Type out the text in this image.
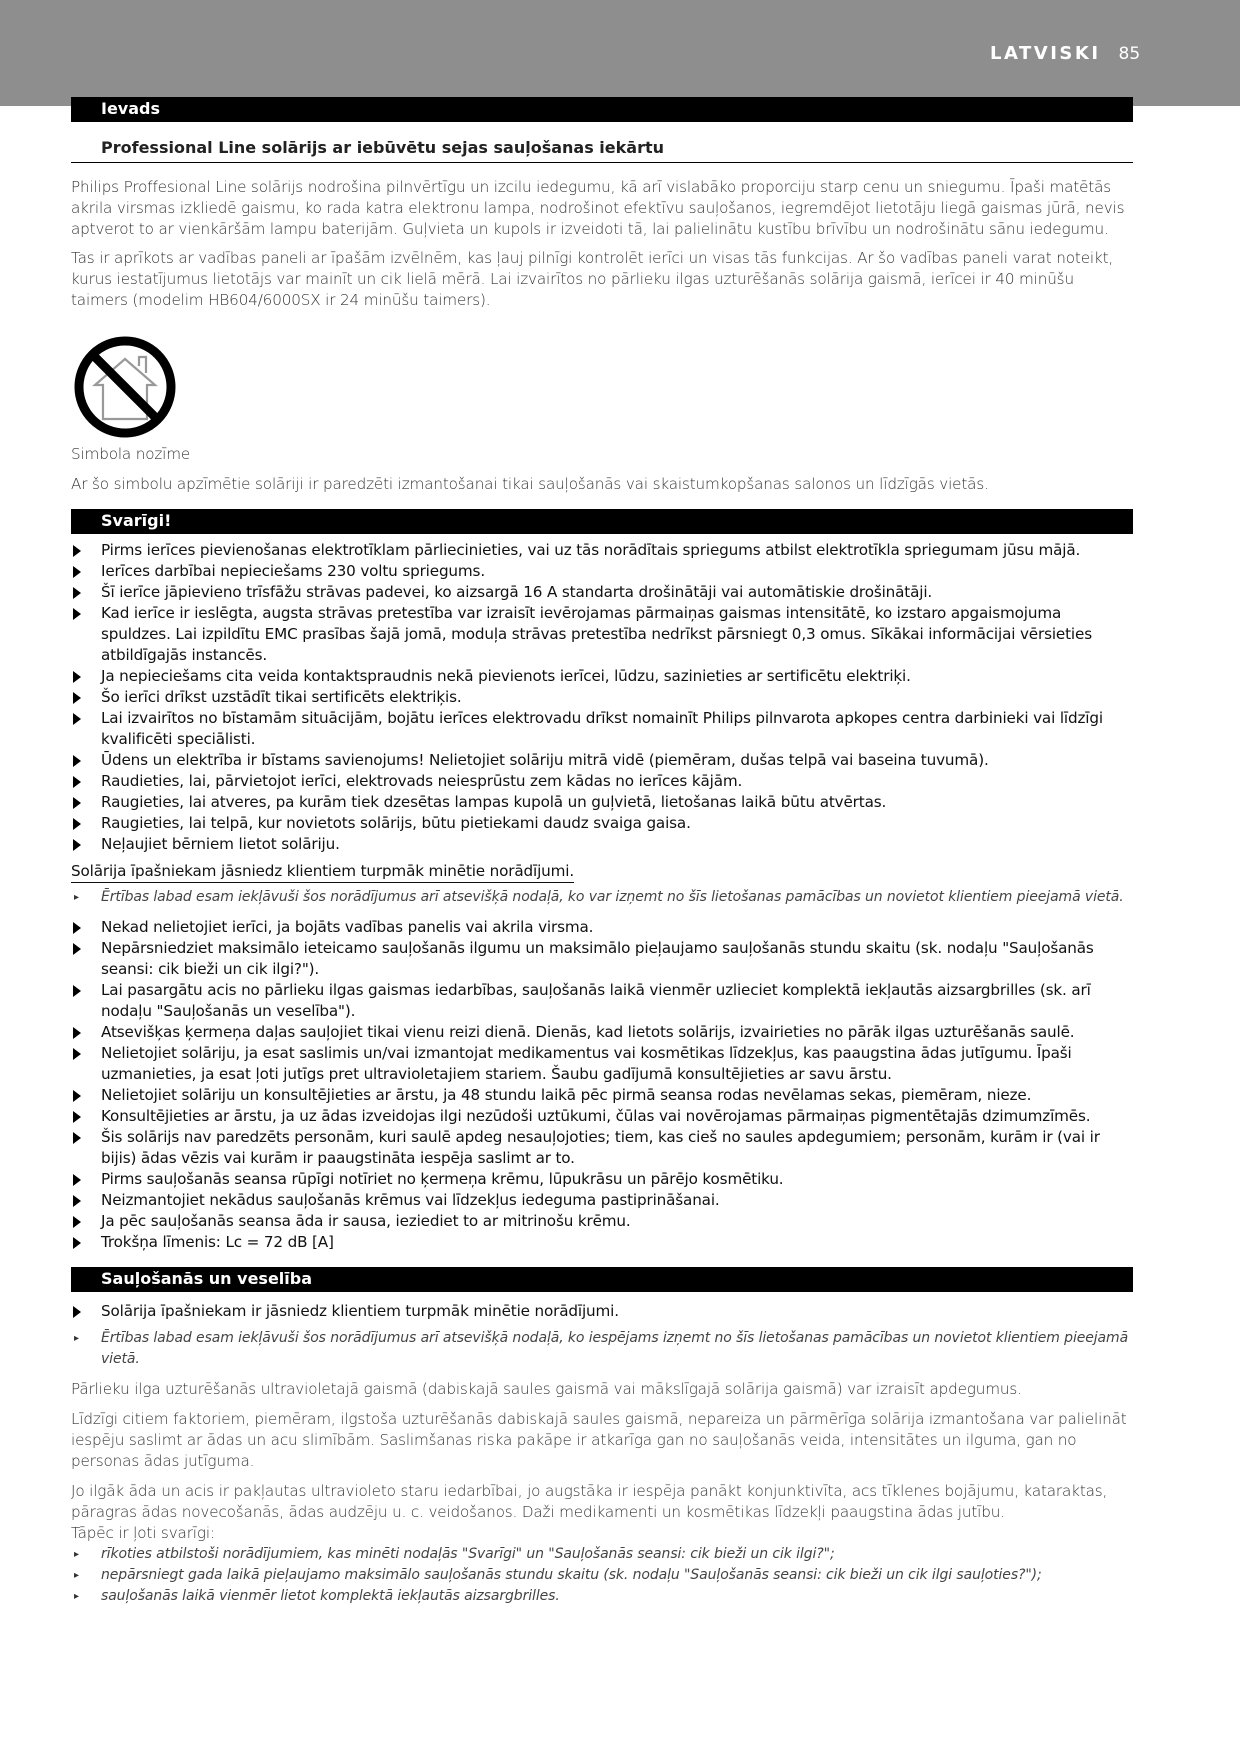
LATVISKI 85
Ievads
Professional Line solārijs ar iebūvētu sejas sauļošanas iekārtu

Philips Proffesional Line solārijs nodrošina pilnvērtīgu un izcilu iedegumu, kā arī vislabāko proporciju starp cenu un sniegumu. Īpaši matētās akrila virsmas izkliedē gaismu, ko rada katra elektronu lampa, nodrošinot efektīvu sauļošanos, iegremdējot lietotāju liegā gaismas jūrā, nevis aptverot to ar vienkāršām lampu baterijām. Guļvieta un kupols ir izveidoti tā, lai palielinātu kustību brīvību un nodrošinātu sānu iedegumu.

Tas ir aprīkots ar vadības paneli ar īpašām izvēlnēm, kas ļauj pilnīgi kontrolēt ierīci un visas tās funkcijas. Ar šo vadības paneli varat noteikt, kurus iestatījumus lietotājs var mainīt un cik lielā mērā. Lai izvairītos no pārlieku ilgas uzturēšanās solārija gaismā, ierīcei ir 40 minūšu taimers (modelim HB604/6000SX ir 24 minūšu taimers).

Simbola nozīme

Ar šo simbolu apzīmētie solāriji ir paredzēti izmantošanai tikai sauļošanās vai skaistumkopšanas salonos un līdzīgās vietās.

Svarīgi!
Pirms ierīces pievienošanas elektrotīklam pārliecinieties, vai uz tās norādītais spriegums atbilst elektrotīkla spriegumam jūsu mājā.
Ierīces darbībai nepieciešams 230 voltu spriegums.
Šī ierīce jāpievieno trīsfāžu strāvas padevei, ko aizsargā 16 A standarta drošinātāji vai automātiskie drošinātāji.
Kad ierīce ir ieslēgta, augsta strāvas pretestība var izraisīt ievērojamas pārmaiņas gaismas intensitātē, ko izstaro apgaismojuma spuldzes. Lai izpildītu EMC prasības šajā jomā, moduļa strāvas pretestība nedrīkst pārsniegt 0,3 omus. Sīkākai informācijai vērsieties atbildīgajās instancēs.
Ja nepieciešams cita veida kontaktspraudnis nekā pievienots ierīcei, lūdzu, sazinieties ar sertificētu elektriķi.
Šo ierīci drīkst uzstādīt tikai sertificēts elektriķis.
Lai izvairītos no bīstamām situācijām, bojātu ierīces elektrovadu drīkst nomainīt Philips pilnvarota apkopes centra darbinieki vai līdzīgi kvalificēti speciālisti.
Ūdens un elektrība ir bīstams savienojums! Nelietojiet solāriju mitrā vidē (piemēram, dušas telpā vai baseina tuvumā).
Raudieties, lai, pārvietojot ierīci, elektrovads neiesprūstu zem kādas no ierīces kājām.
Raugieties, lai atveres, pa kurām tiek dzesētas lampas kupolā un guļvietā, lietošanas laikā būtu atvērtas.
Raugieties, lai telpā, kur novietots solārijs, būtu pietiekami daudz svaiga gaisa.
Neļaujiet bērniem lietot solāriju.
Solārija īpašniekam jāsniedz klientiem turpmāk minētie norādījumi.
▸ Ērtības labad esam iekļāvuši šos norādījumus arī atsevišķā nodaļā, ko var izņemt no šīs lietošanas pamācības un novietot klientiem pieejamā vietā.
Nekad nelietojiet ierīci, ja bojāts vadības panelis vai akrila virsma.
Nepārsniedziet maksimālo ieteicamo sauļošanās ilgumu un maksimālo pieļaujamo sauļošanās stundu skaitu (sk. nodaļu "Sauļošanās seansi: cik bieži un cik ilgi?").
Lai pasargātu acis no pārlieku ilgas gaismas iedarbības, sauļošanās laikā vienmēr uzlieciet komplektā iekļautās aizsargbrilles (sk. arī nodaļu "Sauļošanās un veselība").
Atsevišķas ķermeņa daļas sauļojiet tikai vienu reizi dienā. Dienās, kad lietots solārijs, izvairieties no pārāk ilgas uzturēšanās saulē.
Nelietojiet solāriju, ja esat saslimis un/vai izmantojat medikamentus vai kosmētikas līdzekļus, kas paaugstina ādas jutīgumu. Īpaši uzmanieties, ja esat ļoti jutīgs pret ultravioletajiem stariem. Šaubu gadījumā konsultējieties ar savu ārstu.
Nelietojiet solāriju un konsultējieties ar ārstu, ja 48 stundu laikā pēc pirmā seansa rodas nevēlamas sekas, piemēram, nieze.
Konsultējieties ar ārstu, ja uz ādas izveidojas ilgi nezūdoši uztūkumi, čūlas vai novērojamas pārmaiņas pigmentētajās dzimumzīmēs.
Šis solārijs nav paredzēts personām, kuri saulē apdeg nesauļojoties; tiem, kas cieš no saules apdegumiem; personām, kurām ir (vai ir bijis) ādas vēzis vai kurām ir paaugstināta iespēja saslimt ar to.
Pirms sauļošanās seansa rūpīgi notīriet no ķermeņa krēmu, lūpukrāsu un pārējo kosmētiku.
Neizmantojiet nekādus sauļošanās krēmus vai līdzekļus iedeguma pastiprināšanai.
Ja pēc sauļošanās seansa āda ir sausa, ieziediet to ar mitrinošu krēmu.
Trokšņa līmenis: Lc = 72 dB [A]
Sauļošanās un veselība
Solārija īpašniekam ir jāsniedz klientiem turpmāk minētie norādījumi.
▸ Ērtības labad esam iekļāvuši šos norādījumus arī atsevišķā nodaļā, ko iespējams izņemt no šīs lietošanas pamācības un novietot klientiem pieejamā vietā.

Pārlieku ilga uzturēšanās ultravioletajā gaismā (dabiskajā saules gaismā vai mākslīgajā solārija gaismā) var izraisīt apdegumus.

Līdzīgi citiem faktoriem, piemēram, ilgstoša uzturēšanās dabiskajā saules gaismā, nepareiza un pārmērīga solārija izmantošana var palielināt iespēju saslimt ar ādas un acu slimībām. Saslimšanas riska pakāpe ir atkarīga gan no sauļošanās veida, intensitātes un ilguma, gan no personas ādas jutīguma.

Jo ilgāk āda un acis ir pakļautas ultravioleto staru iedarbībai, jo augstāka ir iespēja panākt konjunktivīta, acs tīklenes bojājumu, kataraktas, pāragras ādas novecošanās, ādas audzēju u. c. veidošanos. Daži medikamenti un kosmētikas līdzekļi paaugstina ādas jutību.

Tāpēc ir ļoti svarīgi:

▸ rīkoties atbilstoši norādījumiem, kas minēti nodaļās "Svarīgi" un "Sauļošanās seansi: cik bieži un cik ilgi?";
▸ nepārsniegt gada laikā pieļaujamo maksimālo sauļošanās stundu skaitu (sk. nodaļu "Sauļošanās seansi: cik bieži un cik ilgi sauļoties?");
▸ sauļošanās laikā vienmēr lietot komplektā iekļautās aizsargbrilles.
